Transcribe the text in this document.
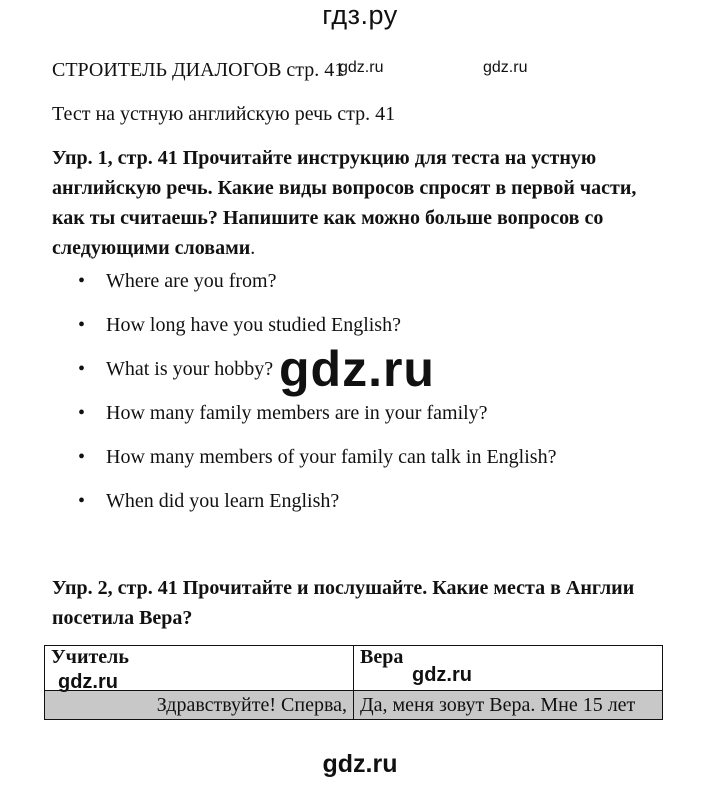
гдз.ру
СТРОИТЕЛЬ ДИАЛОГОВ стр. 41
gdz.ru	gdz.ru
Тест на устную английскую речь стр. 41
Упр. 1, стр. 41 Прочитайте инструкцию для теста на устную английскую речь. Какие виды вопросов спросят в первой части, как ты считаешь? Напишите как можно больше вопросов со следующими словами.
• Where are you from?
• How long have you studied English?
• What is your hobby?
• How many family members are in your family?
• How many members of your family can talk in English?
• When did you learn English?
gdz.ru
Упр. 2, стр. 41 Прочитайте и послушайте. Какие места в Англии посетила Вера?
Учитель	Вера
Здравствуйте! Сперва,	Да, меня зовут Вера. Мне 15 лет
gdz.ru	gdz.ru
gdz.ru
